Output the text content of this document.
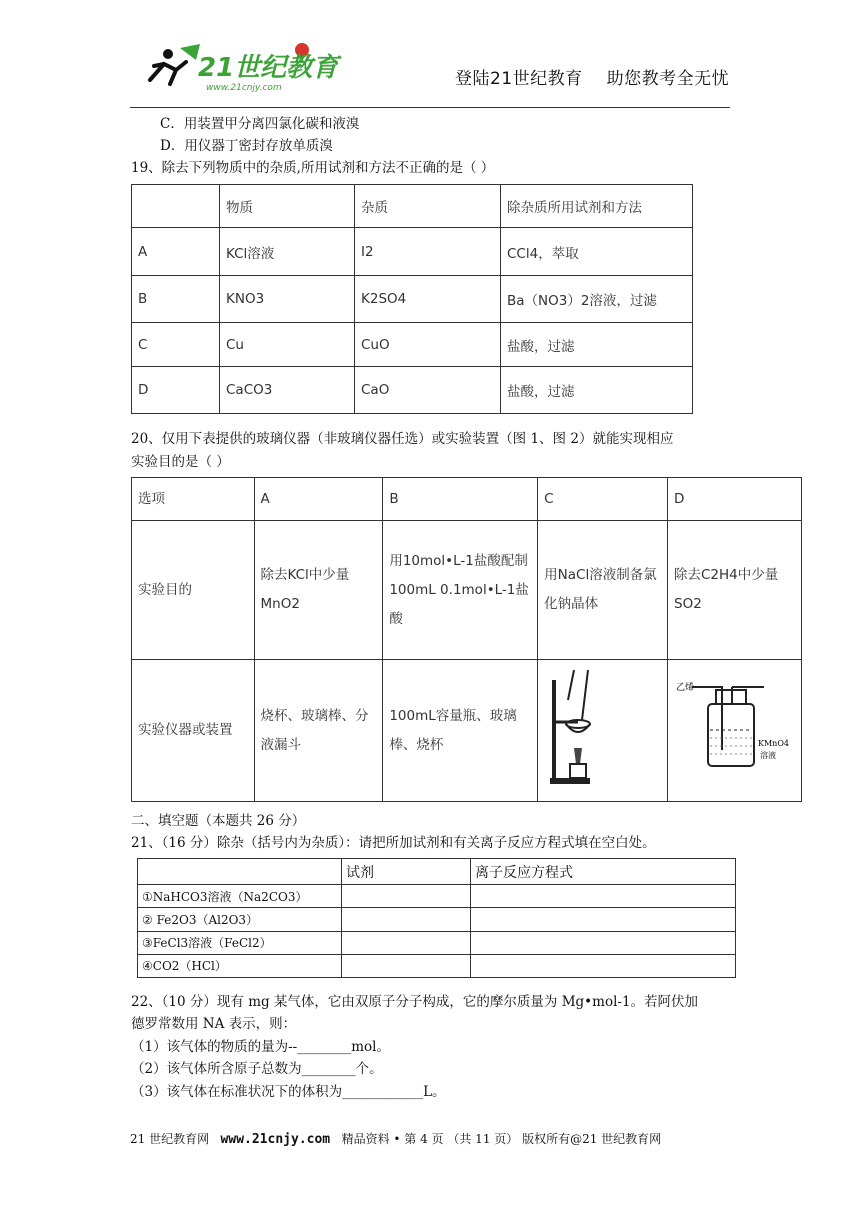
21世纪教育
www.21cnjy.com	登陆21世纪教育 助您教考全无忧
C．用装置甲分离四氯化碳和液溴
D．用仪器丁密封存放单质溴
19、除去下列物质中的杂质,所用试剂和方法不正确的是（ ）
	物质	杂质	除杂质所用试剂和方法
A	KCl溶液	I2	CCl4，萃取
B	KNO3	K2SO4	Ba（NO3）2溶液，过滤
C	Cu	CuO	盐酸，过滤
D	CaCO3	CaO	盐酸，过滤
20、仅用下表提供的玻璃仪器（非玻璃仪器任选）或实验装置（图 1、图 2）就能实现相应
实验目的是（ ）
选项	A	B	C	D
实验目的	除去KCl中少量MnO2	用10mol•L-1盐酸配制100mL 0.1mol•L-1盐酸	用NaCl溶液制备氯化钠晶体	除去C2H4中少量SO2
实验仪器或装置	烧杯、玻璃棒、分液漏斗	100mL容量瓶、玻璃棒、烧杯		乙烯
KMnO4
溶液
二、填空题（本题共 26 分）
21、（16 分）除杂（括号内为杂质）：请把所加试剂和有关离子反应方程式填在空白处。
	试剂	离子反应方程式
①NaHCO3溶液（Na2CO3）		
② Fe2O3（Al2O3）		
③FeCl3溶液（FeCl2）		
④CO2（HCl）		
22、（10 分）现有 mg 某气体，它由双原子分子构成，它的摩尔质量为 Mg•mol-1。若阿伏加
德罗常数用 NA 表示，则：
（1）该气体的物质的量为--________mol。
（2）该气体所含原子总数为________个。
（3）该气体在标准状况下的体积为____________L。
21 世纪教育网 www.21cnjy.com 精品资料 • 第 4 页 （共 11 页） 版权所有@21 世纪教育网
